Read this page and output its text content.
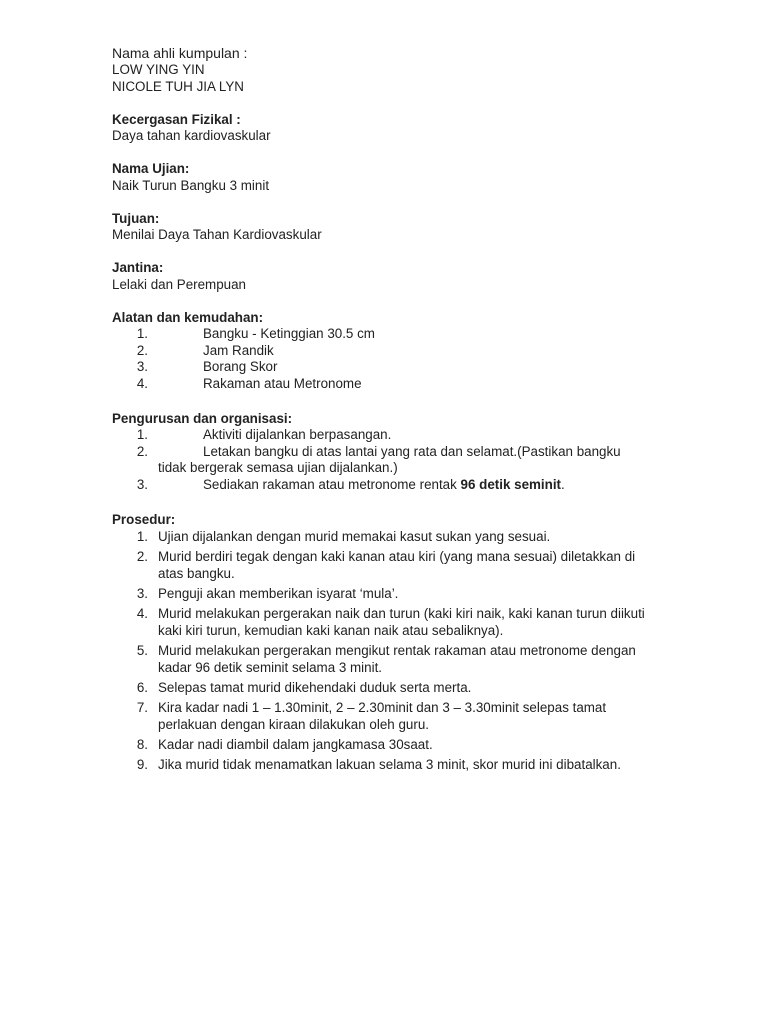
Nama ahli kumpulan :
LOW YING YIN
NICOLE TUH JIA LYN
Kecergasan Fizikal :
Daya tahan kardiovaskular
Nama Ujian:
Naik Turun Bangku 3 minit
Tujuan:
Menilai Daya Tahan Kardiovaskular
Jantina:
Lelaki dan Perempuan
Alatan dan kemudahan:
1.	Bangku - Ketinggian 30.5 cm
2.	Jam Randik
3.	Borang Skor
4.	Rakaman atau Metronome
Pengurusan dan organisasi:
1.	Aktiviti dijalankan berpasangan.
2.	Letakan bangku di atas lantai yang rata dan selamat.(Pastikan bangku
tidak bergerak semasa ujian dijalankan.)
3.	Sediakan rakaman atau metronome rentak 96 detik seminit.
Prosedur:
1. Ujian dijalankan dengan murid memakai kasut sukan yang sesuai.
2. Murid berdiri tegak dengan kaki kanan atau kiri (yang mana sesuai) diletakkan di atas bangku.
3. Penguji akan memberikan isyarat ‘mula’.
4. Murid melakukan pergerakan naik dan turun (kaki kiri naik, kaki kanan turun diikuti kaki kiri turun, kemudian kaki kanan naik atau sebaliknya).
5. Murid melakukan pergerakan mengikut rentak rakaman atau metronome dengan kadar 96 detik seminit selama 3 minit.
6. Selepas tamat murid dikehendaki duduk serta merta.
7. Kira kadar nadi 1 – 1.30minit, 2 – 2.30minit dan 3 – 3.30minit selepas tamat perlakuan dengan kiraan dilakukan oleh guru.
8. Kadar nadi diambil dalam jangkamasa 30saat.
9. Jika murid tidak menamatkan lakuan selama 3 minit, skor murid ini dibatalkan.
